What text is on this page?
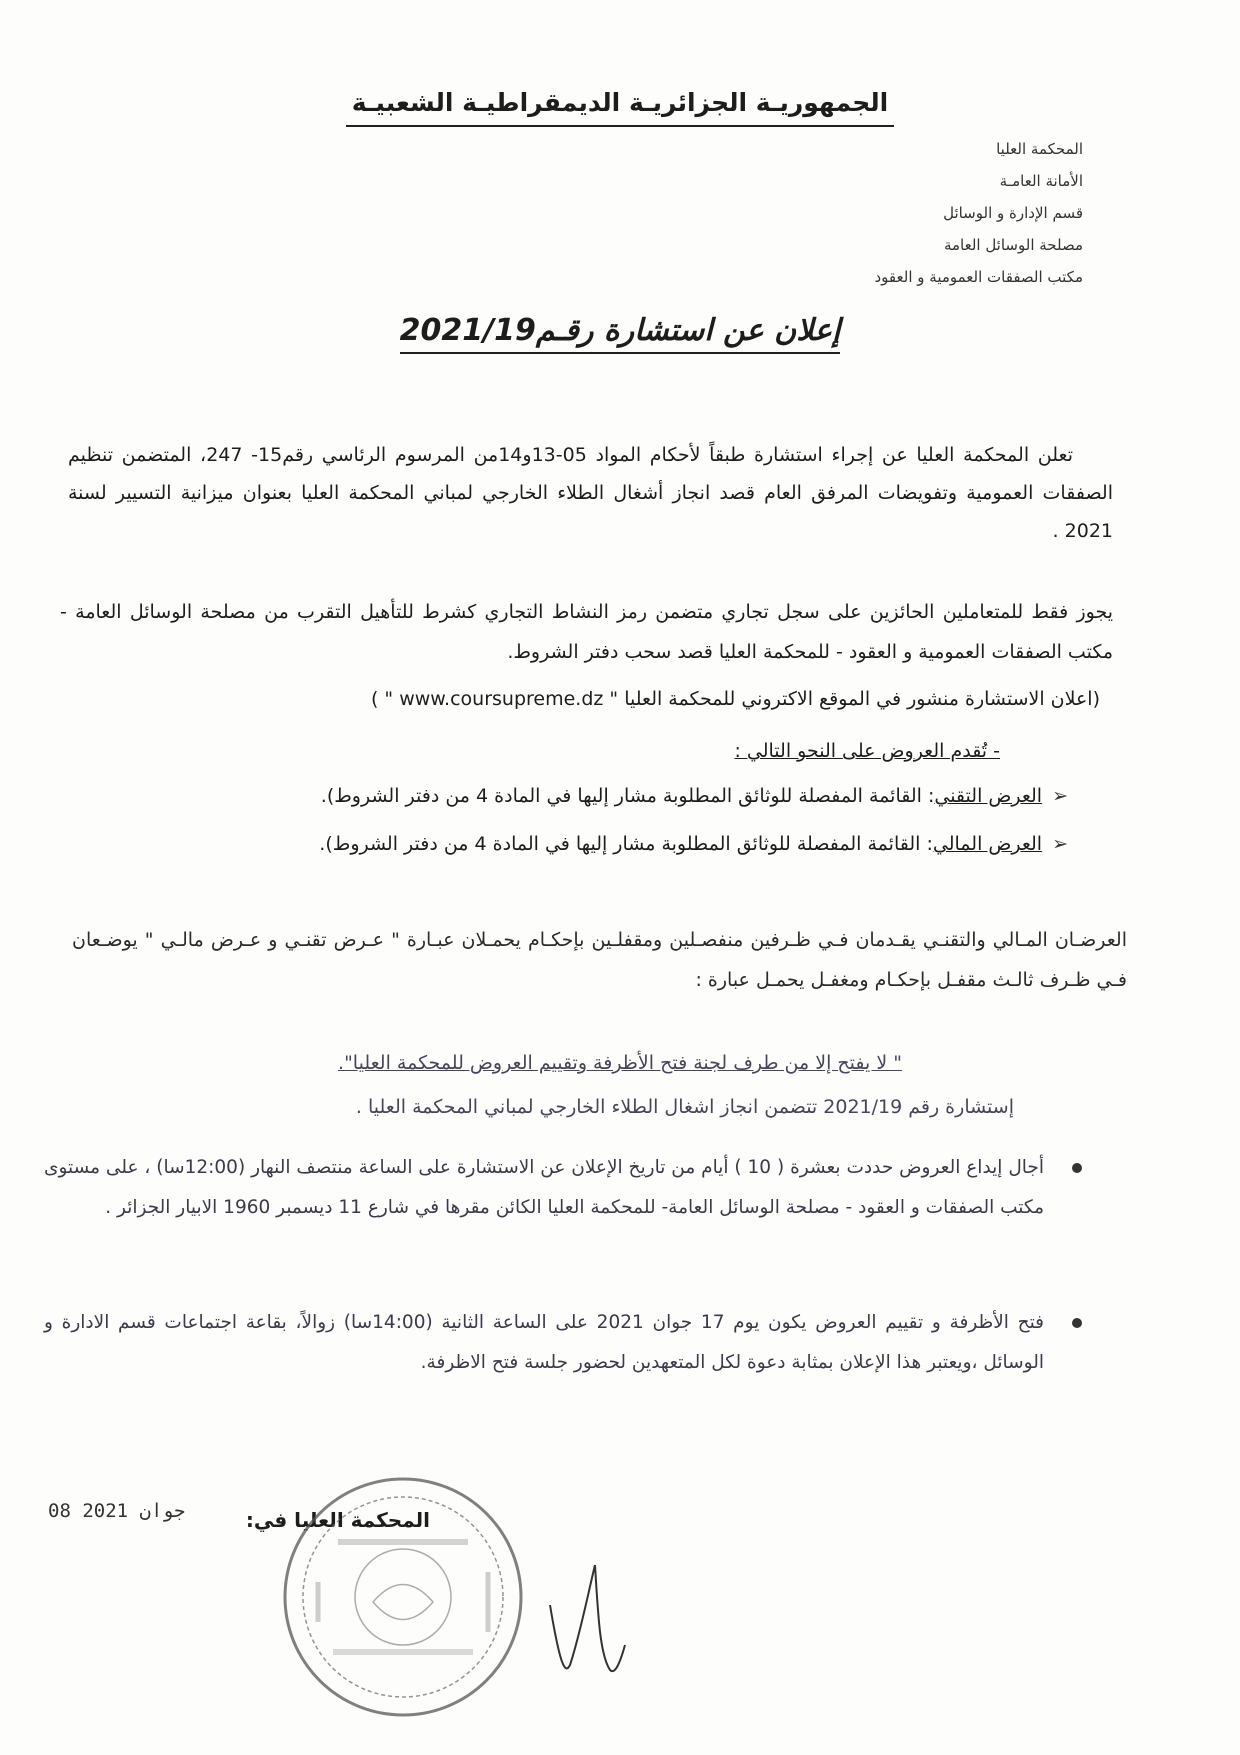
الجمهوريـة الجزائريـة الديمقراطيـة الشعبيـة
المحكمة العليا
الأمانة العامـة
قسم الإدارة و الوسائل
مصلحة الوسائل العامة
مكتب الصفقات العمومية و العقود
إعلان عن استشارة رقـم2021/19
تعلن المحكمة العليا عن إجراء استشارة طبقاً لأحكام المواد 05-13و14من المرسوم الرئاسي رقم15- 247، المتضمن تنظيم الصفقات العمومية وتفويضات المرفق العام قصد انجاز أشغال الطلاء الخارجي لمباني المحكمة العليا بعنوان ميزانية التسيير لسنة 2021 .
يجوز فقط للمتعاملين الحائزين على سجل تجاري متضمن رمز النشاط التجاري كشرط للتأهيل التقرب من مصلحة الوسائل العامة - مكتب الصفقات العمومية و العقود - للمحكمة العليا قصد سحب دفتر الشروط.
(اعلان الاستشارة منشور في الموقع الاكتروني للمحكمة العليا " www.coursupreme.dz " )
- تُقدم العروض على النحو التالي :
➢العرض التقني: القائمة المفصلة للوثائق المطلوبة مشار إليها في المادة 4 من دفتر الشروط).
➢العرض المالي: القائمة المفصلة للوثائق المطلوبة مشار إليها في المادة 4 من دفتر الشروط).
العرضـان المـالي والتقنـي يقـدمان فـي ظـرفين منفصـلين ومقفلـين بإحكـام يحمـلان عبـارة " عـرض تقنـي و عـرض مالـي " يوضـعان فـي ظـرف ثالـث مقفـل بإحكـام ومغفـل يحمـل عبارة :
" لا يفتح إلا من طرف لجنة فتح الأظرفة وتقييم العروض للمحكمة العليا".
إستشارة رقم 2021/19 تتضمن انجاز اشغال الطلاء الخارجي لمباني المحكمة العليا .
أجال إيداع العروض حددت بعشرة ( 10 ) أيام من تاريخ الإعلان عن الاستشارة على الساعة منتصف النهار (12:00سا) ، على مستوى مكتب الصفقات و العقود - مصلحة الوسائل العامة- للمحكمة العليا الكائن مقرها في شارع 11 ديسمبر 1960 الابيار الجزائر .
فتح الأظرفة و تقييم العروض يكون يوم 17 جوان 2021 على الساعة الثانية (14:00سا) زوالاً، بقاعة اجتماعات قسم الادارة و الوسائل ،ويعتبر هذا الإعلان بمثابة دعوة لكل المتعهدين لحضور جلسة فتح الاظرفة.
المحكمة العليا في:
08 جوان 2021
